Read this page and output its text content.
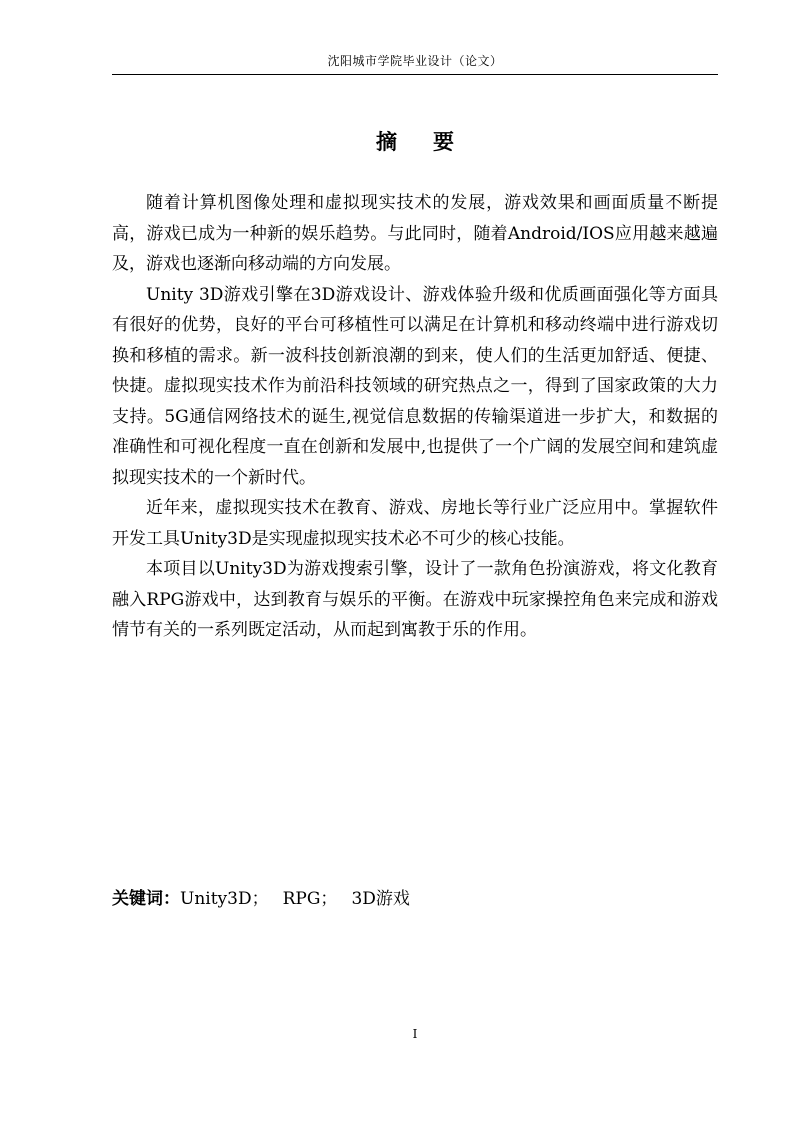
沈阳城市学院毕业设计（论文）
摘要

随着计算机图像处理和虚拟现实技术的发展，游戏效果和画面质量不断提高，游戏已成为一种新的娱乐趋势。与此同时，随着Android/IOS应用越来越遍及，游戏也逐渐向移动端的方向发展。

Unity 3D游戏引擎在3D游戏设计、游戏体验升级和优质画面强化等方面具有很好的优势，良好的平台可移植性可以满足在计算机和移动终端中进行游戏切换和移植的需求。新一波科技创新浪潮的到来，使人们的生活更加舒适、便捷、快捷。虚拟现实技术作为前沿科技领域的研究热点之一，得到了国家政策的大力支持。5G通信网络技术的诞生,视觉信息数据的传输渠道进一步扩大，和数据的准确性和可视化程度一直在创新和发展中,也提供了一个广阔的发展空间和建筑虚拟现实技术的一个新时代。

近年来，虚拟现实技术在教育、游戏、房地长等行业广泛应用中。掌握软件开发工具Unity3D是实现虚拟现实技术必不可少的核心技能。

本项目以Unity3D为游戏搜索引擎，设计了一款角色扮演游戏，将文化教育融入RPG游戏中，达到教育与娱乐的平衡。在游戏中玩家操控角色来完成和游戏情节有关的一系列既定活动，从而起到寓教于乐的作用。

关键词：Unity3D； RPG； 3D游戏
I
